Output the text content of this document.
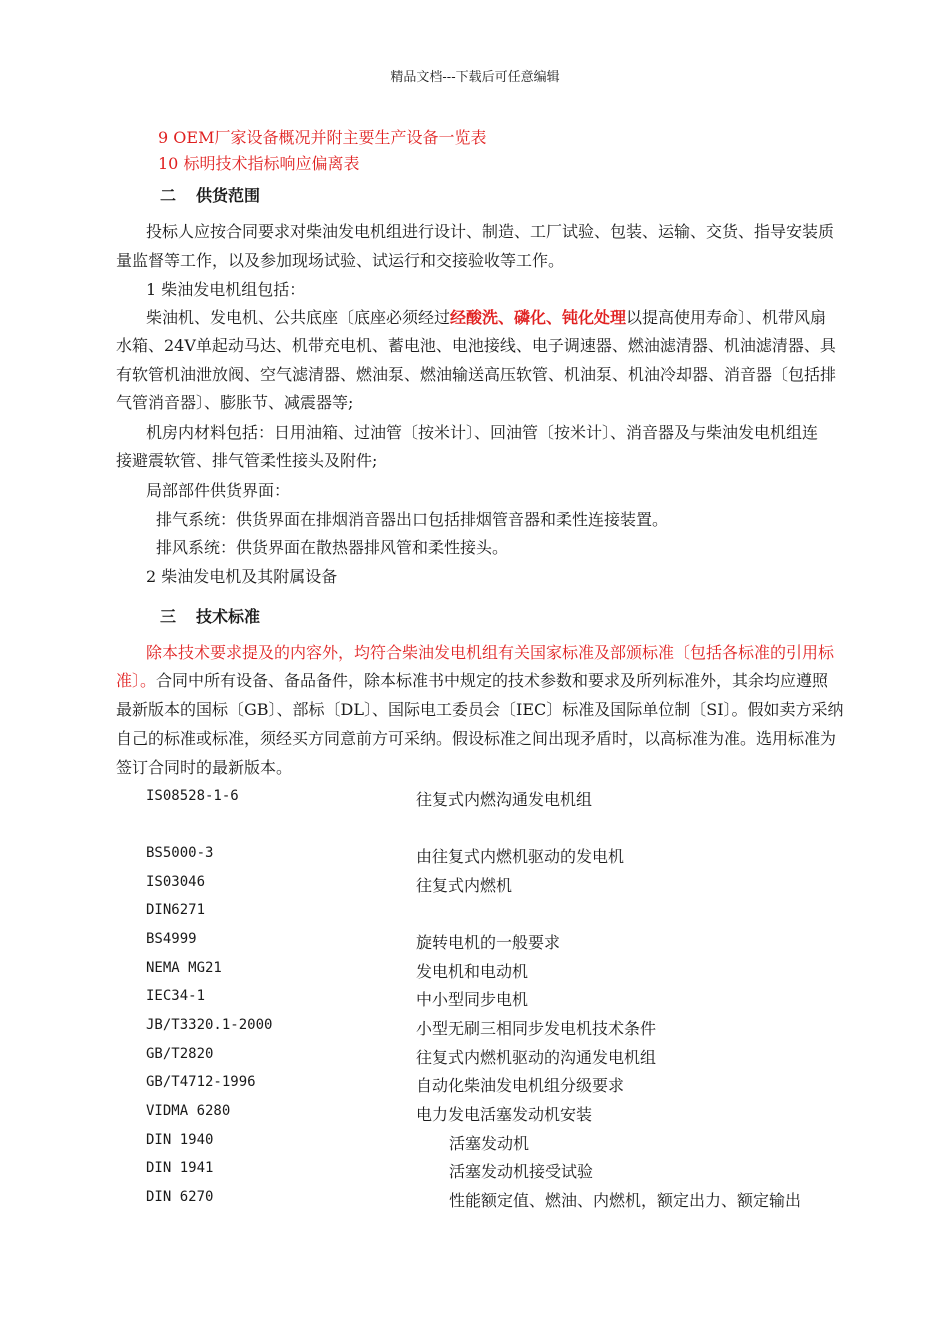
精品文档---下载后可任意编辑
9 OEM厂家设备概况并附主要生产设备一览表
10 标明技术指标响应偏离表
二 供货范围
投标人应按合同要求对柴油发电机组进行设计、制造、工厂试验、包装、运输、交货、指导安装质
量监督等工作，以及参加现场试验、试运行和交接验收等工作。
1 柴油发电机组包括：
柴油机、发电机、公共底座〔底座必须经过经酸洗、磷化、钝化处理以提高使用寿命〕、机带风扇
水箱、24V单起动马达、机带充电机、蓄电池、电池接线、电子调速器、燃油滤清器、机油滤清器、具
有软管机油泄放阀、空气滤清器、燃油泵、燃油输送高压软管、机油泵、机油冷却器、消音器〔包括排
气管消音器〕、膨胀节、减震器等;
机房内材料包括：日用油箱、过油管〔按米计〕、回油管〔按米计〕、消音器及与柴油发电机组连
接避震软管、排气管柔性接头及附件;
局部部件供货界面：
排气系统：供货界面在排烟消音器出口包括排烟管音器和柔性连接装置。
排风系统：供货界面在散热器排风管和柔性接头。
2 柴油发电机及其附属设备
三 技术标准
除本技术要求提及的内容外，均符合柴油发电机组有关国家标准及部颁标准〔包括各标准的引用标
准〕。合同中所有设备、备品备件，除本标准书中规定的技术参数和要求及所列标准外，其余均应遵照
最新版本的国标〔GB〕、部标〔DL〕、国际电工委员会〔IEC〕标准及国际单位制〔SI〕。假如卖方采纳
自己的标准或标准，须经买方同意前方可采纳。假设标准之间出现矛盾时，以高标准为准。选用标准为
签订合同时的最新版本。
IS08528-1-6	往复式内燃沟通发电机组
BS5000-3	由往复式内燃机驱动的发电机
IS03046	往复式内燃机
DIN6271
BS4999	旋转电机的一般要求
NEMA MG21	发电机和电动机
IEC34-1	中小型同步电机
JB/T3320.1-2000	小型无刷三相同步发电机技术条件
GB/T2820	往复式内燃机驱动的沟通发电机组
GB/T4712-1996	自动化柴油发电机组分级要求
VIDMA 6280	电力发电活塞发动机安装
DIN 1940	活塞发动机
DIN 1941	活塞发动机接受试验
DIN 6270	性能额定值、燃油、内燃机，额定出力、额定输出
